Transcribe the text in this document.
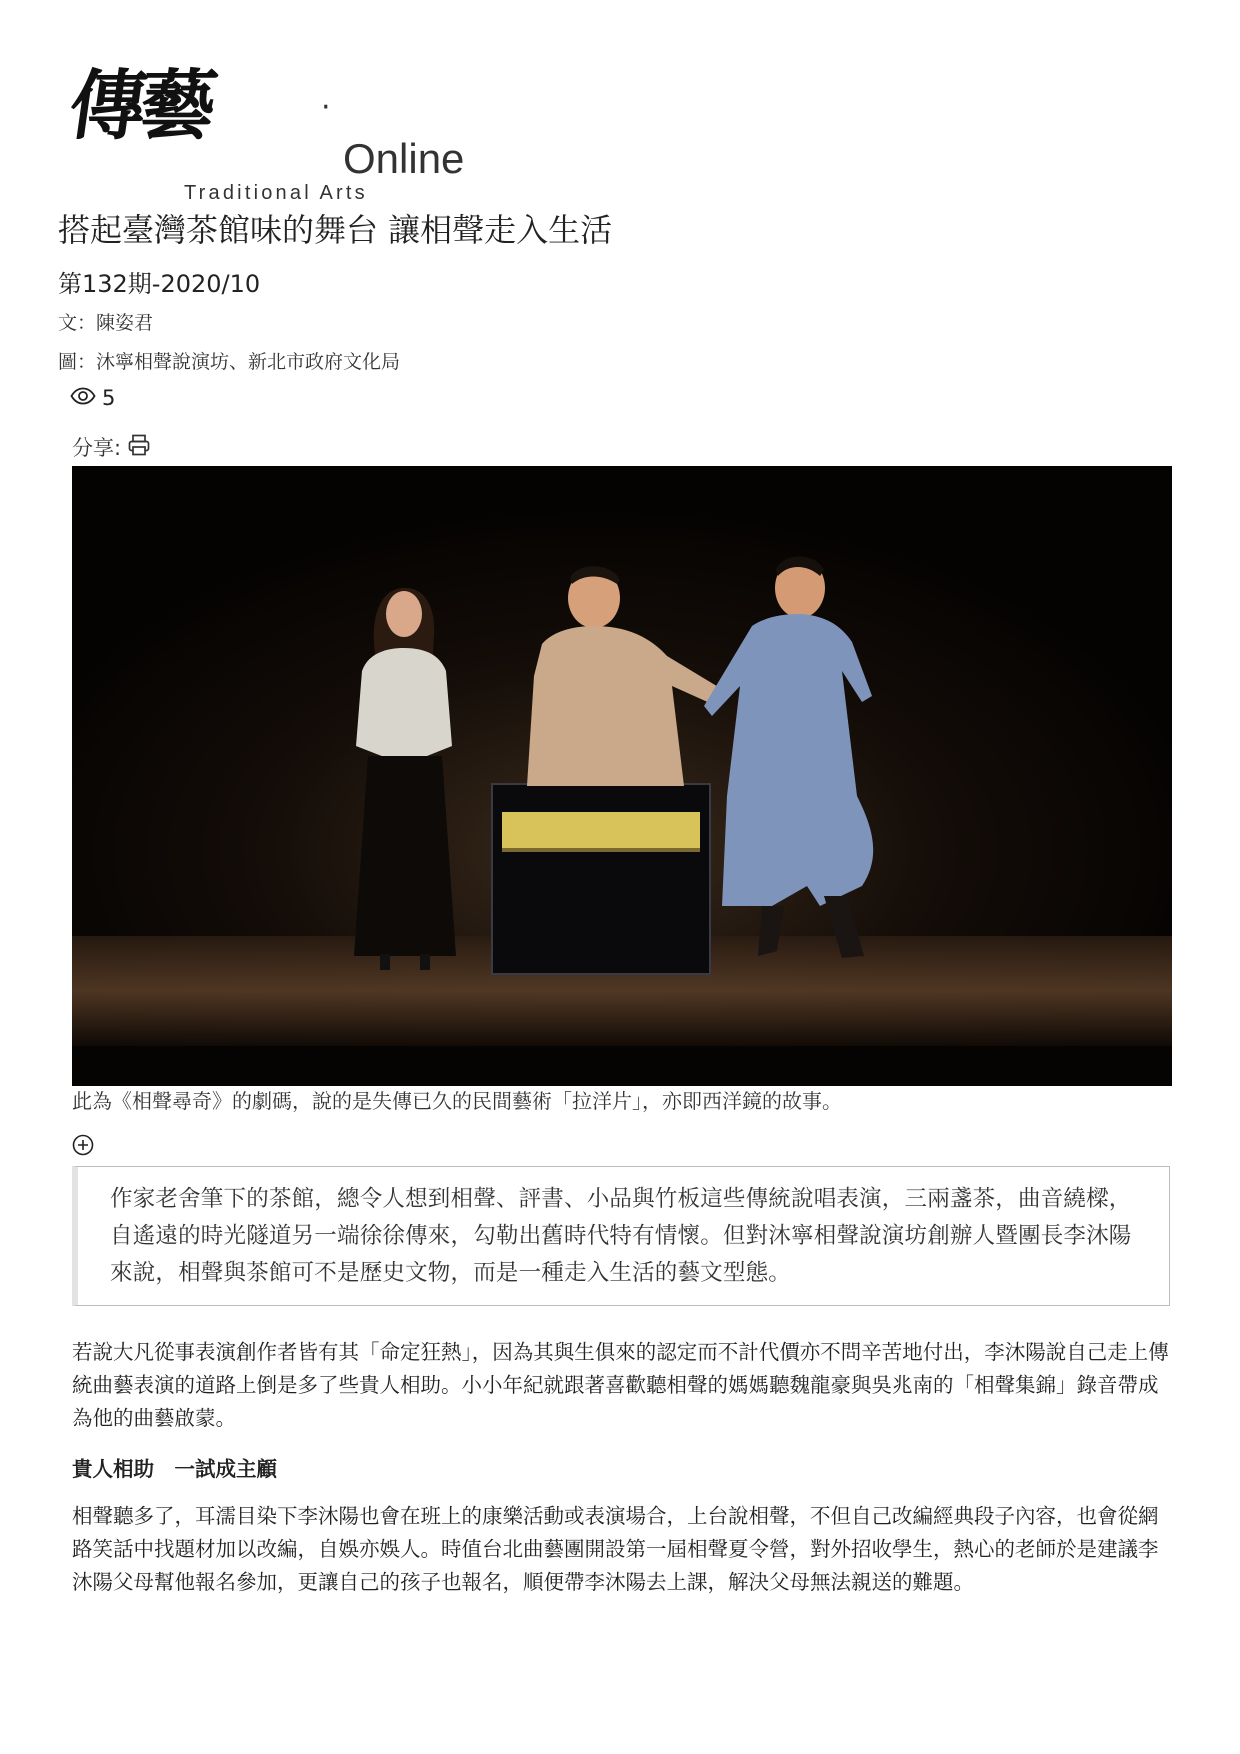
傳藝	·
Online
Traditional Arts
搭起臺灣茶館味的舞台 讓相聲走入生活
第132期-2020/10
文：陳姿君
圖：沐寧相聲說演坊、新北市政府文化局
5
分享:
此為《相聲尋奇》的劇碼，說的是失傳已久的民間藝術「拉洋片」，亦即西洋鏡的故事。

作家老舍筆下的茶館，總令人想到相聲、評書、小品與竹板這些傳統說唱表演，三兩盞茶，曲音繞樑，自遙遠的時光隧道另一端徐徐傳來，勾勒出舊時代特有情懷。但對沐寧相聲說演坊創辦人暨團長李沐陽來說，相聲與茶館可不是歷史文物，而是一種走入生活的藝文型態。

若說大凡從事表演創作者皆有其「命定狂熱」，因為其與生俱來的認定而不計代價亦不問辛苦地付出，李沐陽說自己走上傳統曲藝表演的道路上倒是多了些貴人相助。小小年紀就跟著喜歡聽相聲的媽媽聽魏龍豪與吳兆南的「相聲集錦」錄音帶成為他的曲藝啟蒙。

貴人相助　一試成主顧

相聲聽多了，耳濡目染下李沐陽也會在班上的康樂活動或表演場合，上台說相聲，不但自己改編經典段子內容，也會從網路笑話中找題材加以改編，自娛亦娛人。時值台北曲藝團開設第一屆相聲夏令營，對外招收學生，熱心的老師於是建議李沐陽父母幫他報名參加，更讓自己的孩子也報名，順便帶李沐陽去上課，解決父母無法親送的難題。
